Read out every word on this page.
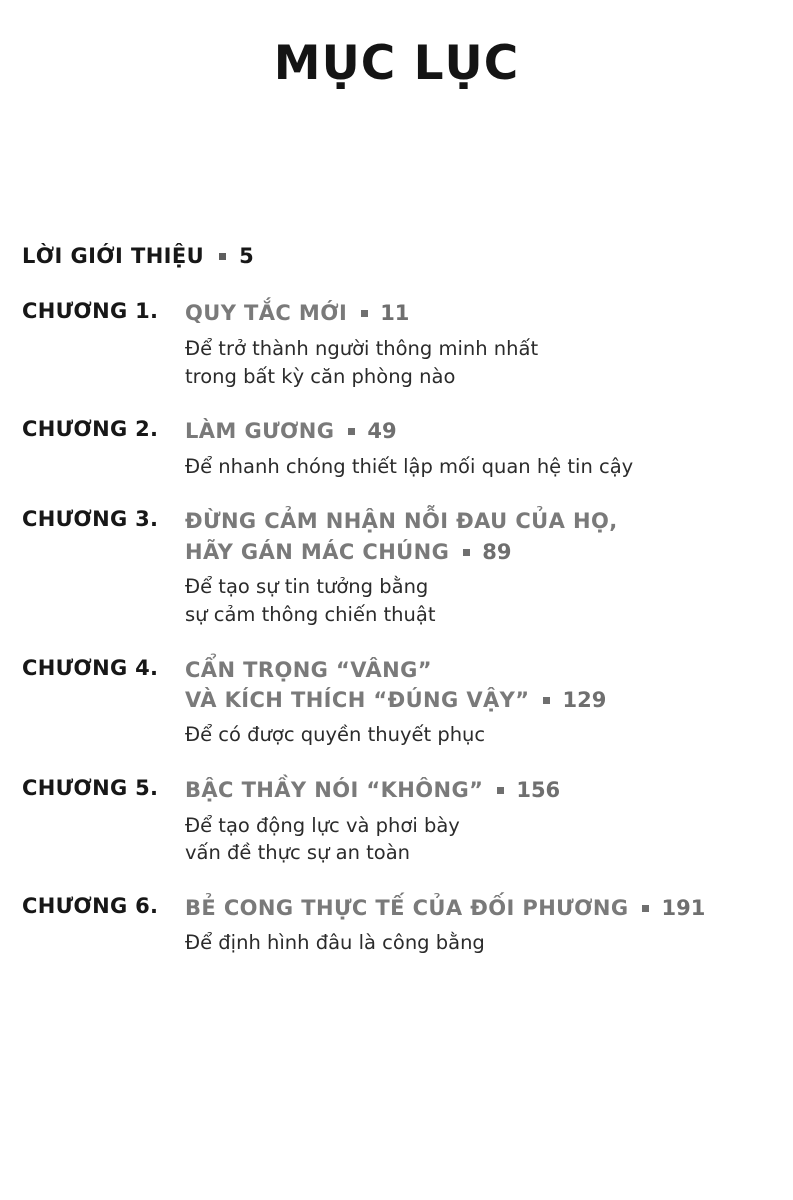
MỤC LỤC
LỜI GIỚI THIỆU 5
CHƯƠNG 1.	QUY TẮC MỚI 11
Để trở thành người thông minh nhất
trong bất kỳ căn phòng nào
CHƯƠNG 2.	LÀM GƯƠNG 49
Để nhanh chóng thiết lập mối quan hệ tin cậy
CHƯƠNG 3.	ĐỪNG CẢM NHẬN NỖI ĐAU CỦA HỌ,
HÃY GÁN MÁC CHÚNG 89
Để tạo sự tin tưởng bằng
sự cảm thông chiến thuật
CHƯƠNG 4.	CẨN TRỌNG “VÂNG”
VÀ KÍCH THÍCH “ĐÚNG VẬY” 129
Để có được quyền thuyết phục
CHƯƠNG 5.	BẬC THẦY NÓI “KHÔNG” 156
Để tạo động lực và phơi bày
vấn đề thực sự an toàn
CHƯƠNG 6.	BẺ CONG THỰC TẾ CỦA ĐỐI PHƯƠNG 191
Để định hình đâu là công bằng
